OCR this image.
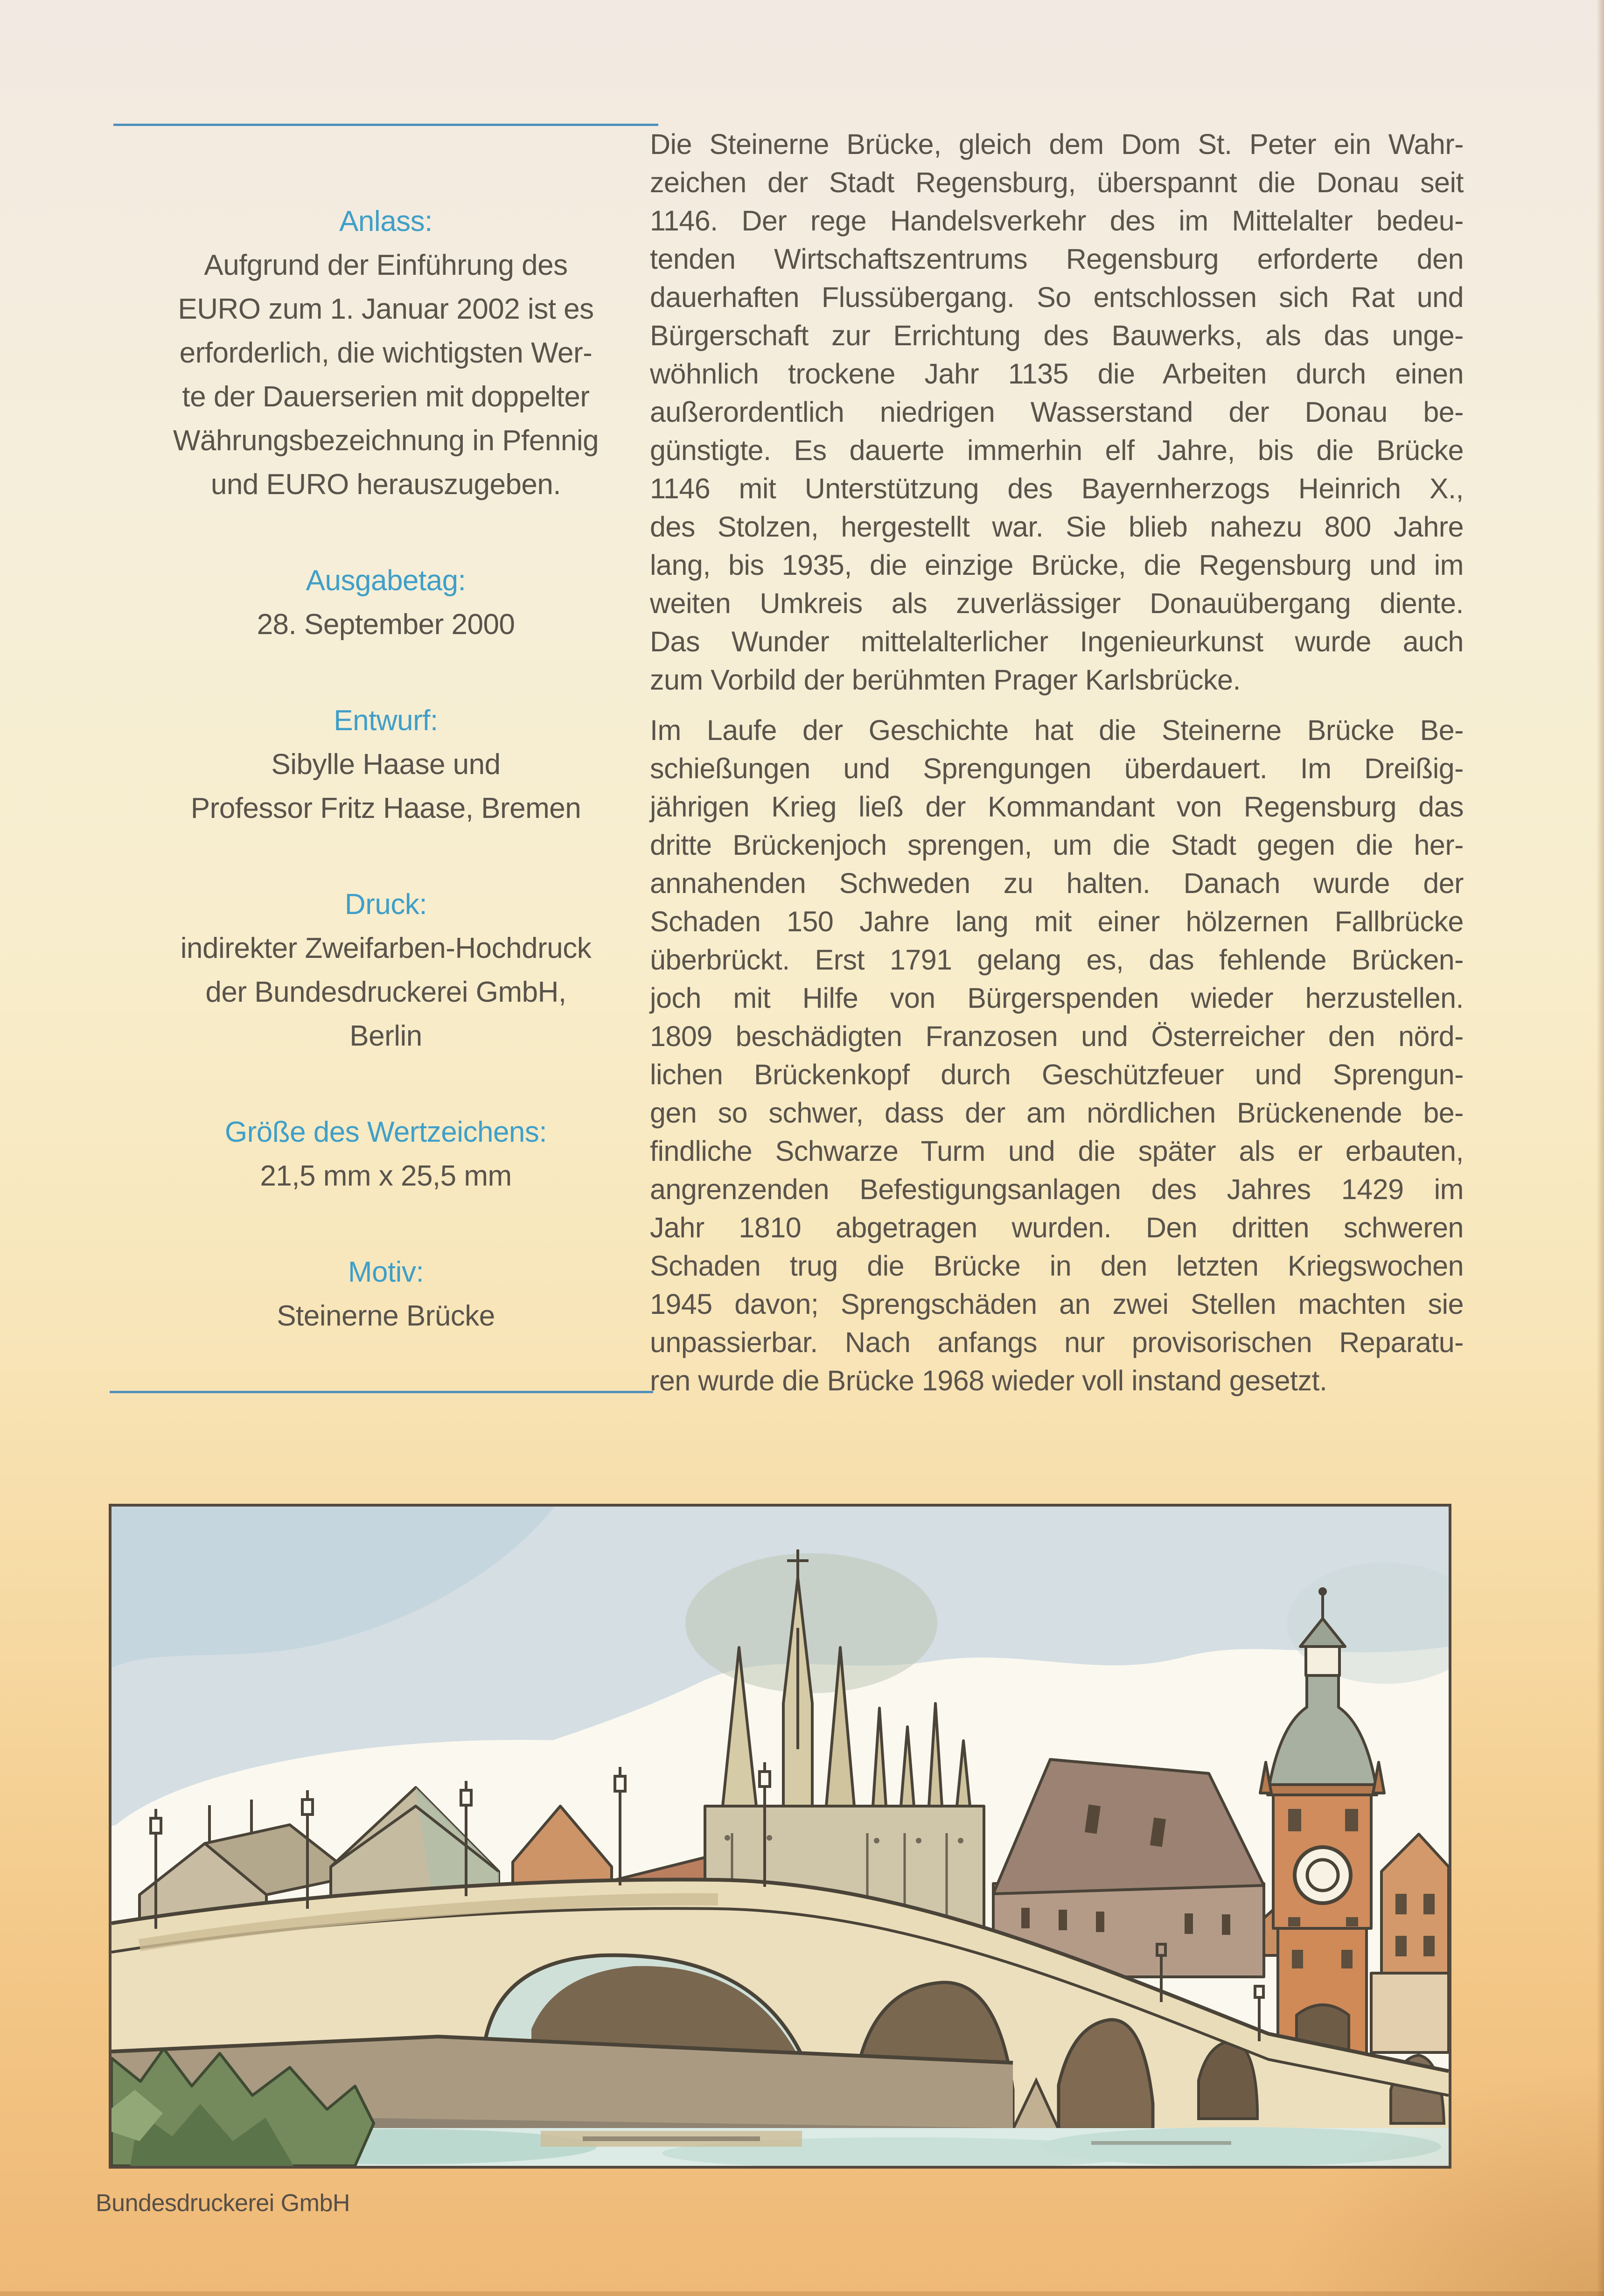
Anlass:
Aufgrund der Einführung des
EURO zum 1. Januar 2002 ist es
erforderlich, die wichtigsten Wer-
te der Dauerserien mit doppelter
Währungsbezeichnung in Pfennig
und EURO herauszugeben.
Ausgabetag:
28. September 2000
Entwurf:
Sibylle Haase und
Professor Fritz Haase, Bremen
Druck:
indirekter Zweifarben-Hochdruck
der Bundesdruckerei GmbH,
Berlin
Größe des Wertzeichens:
21,5 mm x 25,5 mm
Motiv:
Steinerne Brücke
Die Steinerne Brücke, gleich dem Dom St. Peter ein Wahr-
zeichen der Stadt Regensburg, überspannt die Donau seit
1146. Der rege Handelsverkehr des im Mittelalter bedeu-
tenden Wirtschaftszentrums Regensburg erforderte den
dauerhaften Flussübergang. So entschlossen sich Rat und
Bürgerschaft zur Errichtung des Bauwerks, als das unge-
wöhnlich trockene Jahr 1135 die Arbeiten durch einen
außerordentlich niedrigen Wasserstand der Donau be-
günstigte. Es dauerte immerhin elf Jahre, bis die Brücke
1146 mit Unterstützung des Bayernherzogs Heinrich X.,
des Stolzen, hergestellt war. Sie blieb nahezu 800 Jahre
lang, bis 1935, die einzige Brücke, die Regensburg und im
weiten Umkreis als zuverlässiger Donauübergang diente.
Das Wunder mittelalterlicher Ingenieurkunst wurde auch
zum Vorbild der berühmten Prager Karlsbrücke.
Im Laufe der Geschichte hat die Steinerne Brücke Be-
schießungen und Sprengungen überdauert. Im Dreißig-
jährigen Krieg ließ der Kommandant von Regensburg das
dritte Brückenjoch sprengen, um die Stadt gegen die her-
annahenden Schweden zu halten. Danach wurde der
Schaden 150 Jahre lang mit einer hölzernen Fallbrücke
überbrückt. Erst 1791 gelang es, das fehlende Brücken-
joch mit Hilfe von Bürgerspenden wieder herzustellen.
1809 beschädigten Franzosen und Österreicher den nörd-
lichen Brückenkopf durch Geschützfeuer und Sprengun-
gen so schwer, dass der am nördlichen Brückenende be-
findliche Schwarze Turm und die später als er erbauten,
angrenzenden Befestigungsanlagen des Jahres 1429 im
Jahr 1810 abgetragen wurden. Den dritten schweren
Schaden trug die Brücke in den letzten Kriegswochen
1945 davon; Sprengschäden an zwei Stellen machten sie
unpassierbar. Nach anfangs nur provisorischen Reparatu-
ren wurde die Brücke 1968 wieder voll instand gesetzt.
Bundesdruckerei GmbH
